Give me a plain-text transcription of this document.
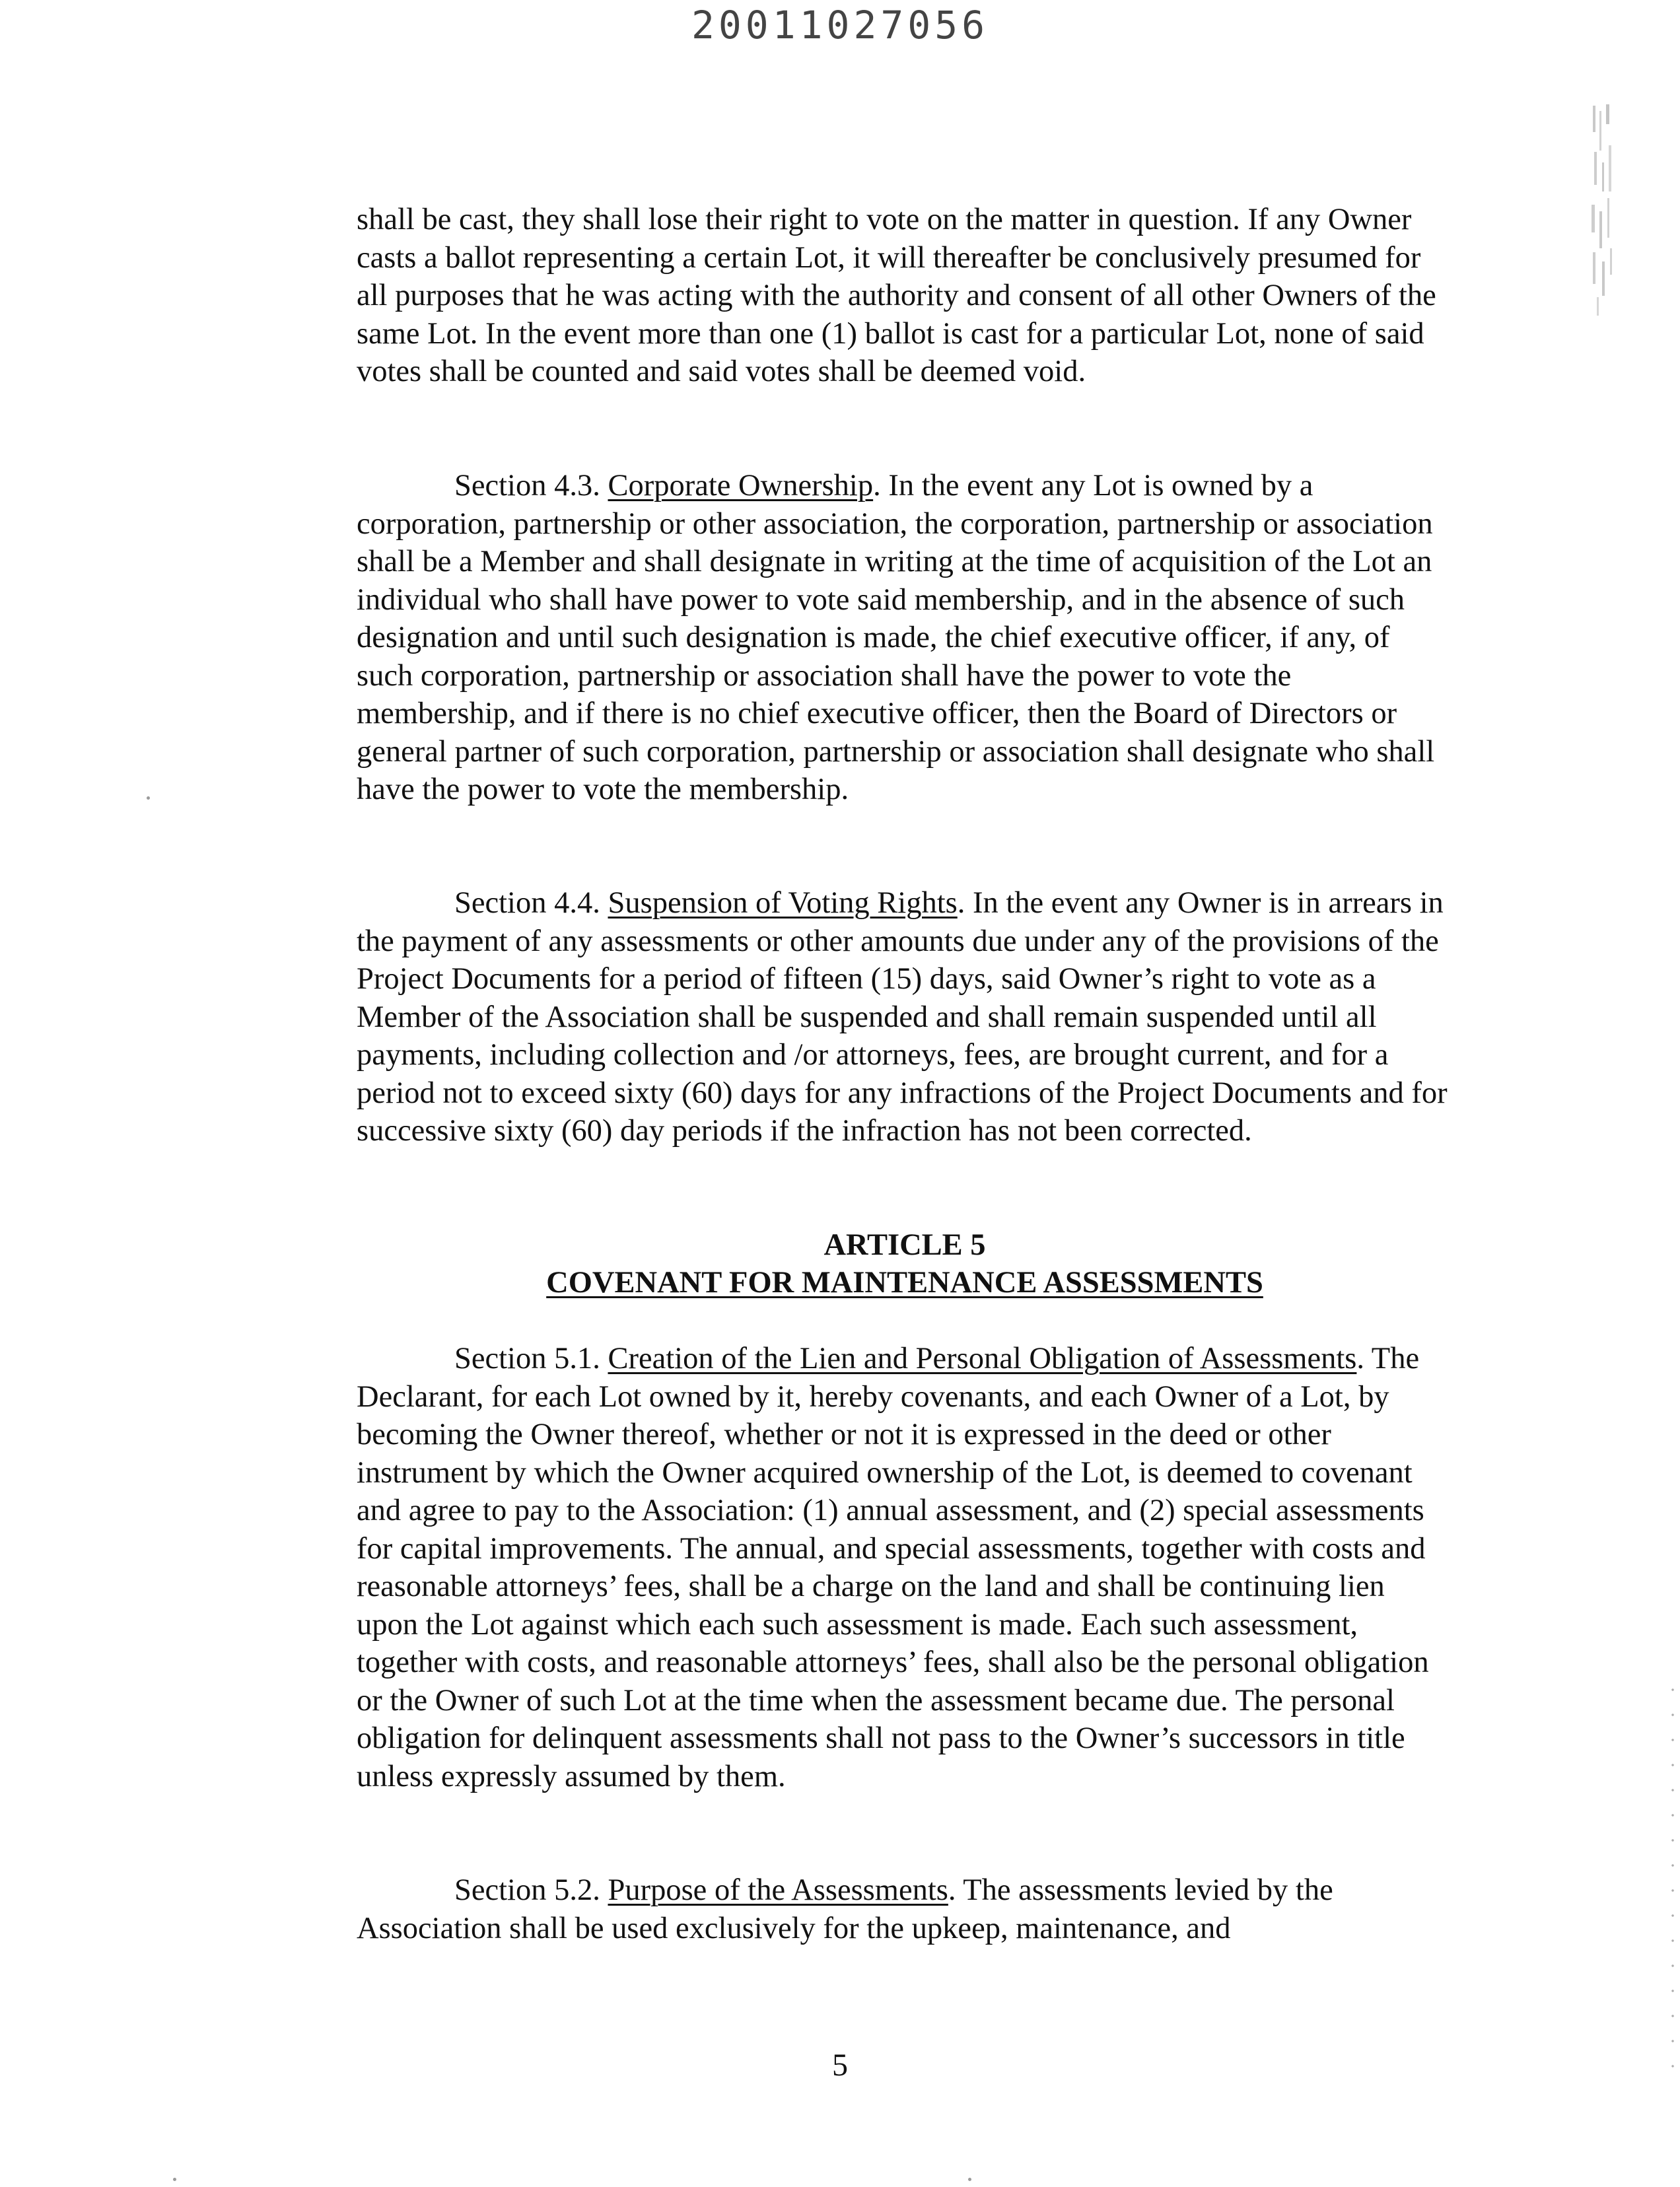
20011027056

shall be cast, they shall lose their right to vote on the matter in question. If any Owner casts a ballot representing a certain Lot, it will thereafter be conclusively presumed for all purposes that he was acting with the authority and consent of all other Owners of the same Lot. In the event more than one (1) ballot is cast for a particular Lot, none of said votes shall be counted and said votes shall be deemed void.

Section 4.3. Corporate Ownership. In the event any Lot is owned by a corporation, partnership or other association, the corporation, partnership or association shall be a Member and shall designate in writing at the time of acquisition of the Lot an individual who shall have power to vote said membership, and in the absence of such designation and until such designation is made, the chief executive officer, if any, of such corporation, partnership or association shall have the power to vote the membership, and if there is no chief executive officer, then the Board of Directors or general partner of such corporation, partnership or association shall designate who shall have the power to vote the membership.

Section 4.4. Suspension of Voting Rights. In the event any Owner is in arrears in the payment of any assessments or other amounts due under any of the provisions of the Project Documents for a period of fifteen (15) days, said Owner’s right to vote as a Member of the Association shall be suspended and shall remain suspended until all payments, including collection and /or attorneys, fees, are brought current, and for a period not to exceed sixty (60) days for any infractions of the Project Documents and for successive sixty (60) day periods if the infraction has not been corrected.

ARTICLE 5

COVENANT FOR MAINTENANCE ASSESSMENTS

Section 5.1. Creation of the Lien and Personal Obligation of Assessments. The Declarant, for each Lot owned by it, hereby covenants, and each Owner of a Lot, by becoming the Owner thereof, whether or not it is expressed in the deed or other instrument by which the Owner acquired ownership of the Lot, is deemed to covenant and agree to pay to the Association: (1) annual assessment, and (2) special assessments for capital improvements. The annual, and special assessments, together with costs and reasonable attorneys’ fees, shall be a charge on the land and shall be continuing lien upon the Lot against which each such assessment is made. Each such assessment, together with costs, and reasonable attorneys’ fees, shall also be the personal obligation or the Owner of such Lot at the time when the assessment became due. The personal obligation for delinquent assessments shall not pass to the Owner’s successors in title unless expressly assumed by them.

Section 5.2. Purpose of the Assessments. The assessments levied by the Association shall be used exclusively for the upkeep, maintenance, and

5
